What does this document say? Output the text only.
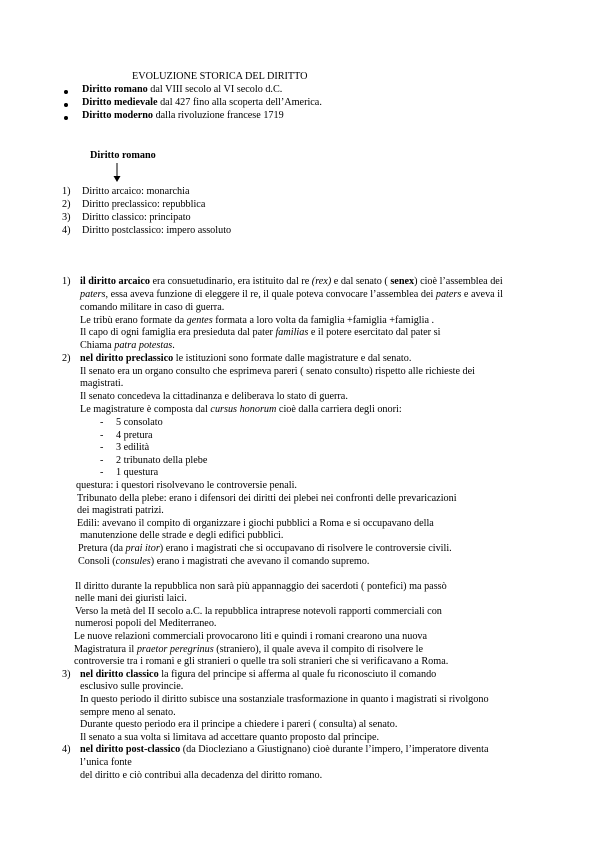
EVOLUZIONE STORICA DEL DIRITTO
Diritto romano dal VIII secolo al VI secolo d.C.
Diritto medievale dal 427 fino alla scoperta dell’America.
Diritto moderno dalla rivoluzione francese 1719
Diritto romano
1) Diritto arcaico: monarchia
2) Diritto preclassico: repubblica
3) Diritto classico: principato
4) Diritto postclassico: impero assoluto
1) il diritto arcaico era consuetudinario, era istituito dal re (rex) e dal senato ( senex) cioè l’assemblea dei
paters, essa aveva funzione di eleggere il re, il quale poteva convocare l’assemblea dei paters e aveva il
comando militare in caso di guerra.
Le tribù erano formate da gentes formata a loro volta da famiglia +famiglia +famiglia .
Il capo di ogni famiglia era presieduta dal pater familias e il potere esercitato dal pater si
Chiama patra potestas.
2) nel diritto preclassico le istituzioni sono formate dalle magistrature e dal senato.
Il senato era un organo consulto che esprimeva pareri ( senato consulto) rispetto alle richieste dei
magistrati.
Il senato concedeva la cittadinanza e deliberava lo stato di guerra.
Le magistrature è composta dal cursus honorum cioè dalla carriera degli onori:
- 5 consolato
- 4 pretura
- 3 edilità
- 2 tribunato della plebe
- 1 questura
questura: i questori risolvevano le controversie penali.
Tribunato della plebe: erano i difensori dei diritti dei plebei nei confronti delle prevaricazioni
dei magistrati patrizi.
Edili: avevano il compito di organizzare i giochi pubblici a Roma e si occupavano della
manutenzione delle strade e degli edifici pubblici.
Pretura (da prai itor) erano i magistrati che si occupavano di risolvere le controversie civili.
Consoli (consules) erano i magistrati che avevano il comando supremo.
Il diritto durante la repubblica non sarà più appannaggio dei sacerdoti ( pontefici) ma passò
nelle mani dei giuristi laici.
Verso la metà del II secolo a.C. la repubblica intraprese notevoli rapporti commerciali con
numerosi popoli del Mediterraneo.
Le nuove relazioni commerciali provocarono liti e quindi i romani crearono una nuova
Magistratura il praetor peregrinus (straniero), il quale aveva il compito di risolvere le
controversie tra i romani e gli stranieri o quelle tra soli stranieri che si verificavano a Roma.
3) nel diritto classico la figura del principe si afferma al quale fu riconosciuto il comando
esclusivo sulle provincie.
In questo periodo il diritto subisce una sostanziale trasformazione in quanto i magistrati si rivolgono
sempre meno al senato.
Durante questo periodo era il principe a chiedere i pareri ( consulta) al senato.
Il senato a sua volta si limitava ad accettare quanto proposto dal principe.
4) nel diritto post-classico (da Diocleziano a Giustignano) cioè durante l’impero, l’imperatore diventa
l’unica fonte
del diritto e ciò contribuì alla decadenza del diritto romano.
